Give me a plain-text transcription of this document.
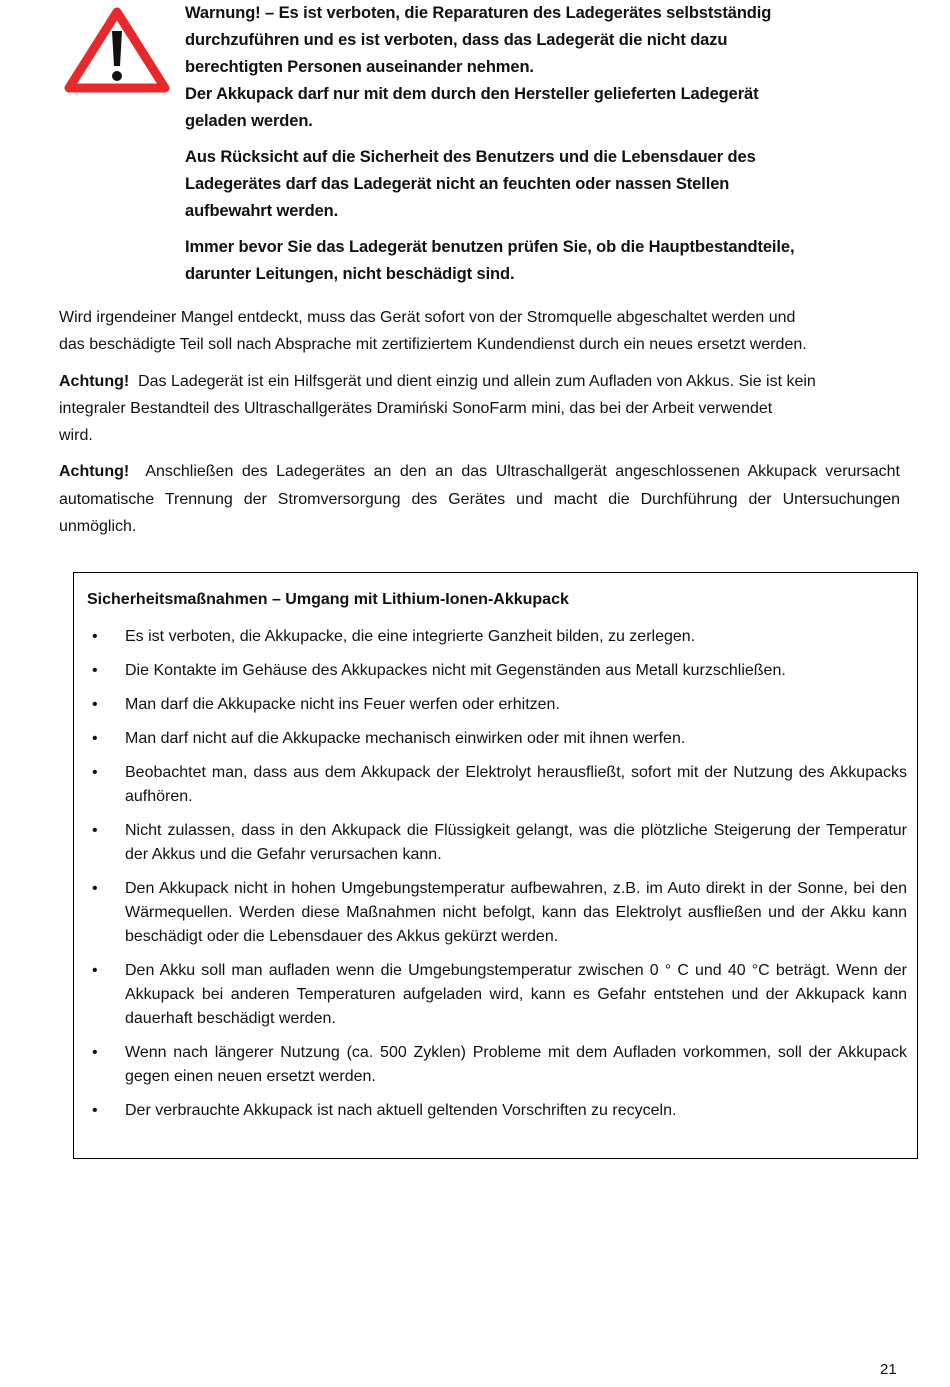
Warnung! – Es ist verboten, die Reparaturen des Ladegerätes selbstständig
durchzuführen und es ist verboten, dass das Ladegerät die nicht dazu
berechtigten Personen auseinander nehmen.
Der Akkupack darf nur mit dem durch den Hersteller gelieferten Ladegerät
geladen werden.

Aus Rücksicht auf die Sicherheit des Benutzers und die Lebensdauer des
Ladegerätes darf das Ladegerät nicht an feuchten oder nassen Stellen
aufbewahrt werden.

Immer bevor Sie das Ladegerät benutzen prüfen Sie, ob die Hauptbestandteile,
darunter Leitungen, nicht beschädigt sind.

Wird irgendeiner Mangel entdeckt, muss das Gerät sofort von der Stromquelle abgeschaltet werden und
das beschädigte Teil soll nach Absprache mit zertifiziertem Kundendienst durch ein neues ersetzt werden.

Achtung! Das Ladegerät ist ein Hilfsgerät und dient einzig und allein zum Aufladen von Akkus. Sie ist kein
integraler Bestandteil des Ultraschallgerätes Dramiński SonoFarm mini, das bei der Arbeit verwendet
wird.

Achtung! Anschließen des Ladegerätes an den an das Ultraschallgerät angeschlossenen Akkupack verursacht automatische Trennung der Stromversorgung des Gerätes und macht die Durchführung der Untersuchungen unmöglich.

Sicherheitsmaßnahmen – Umgang mit Lithium-Ionen-Akkupack
• Es ist verboten, die Akkupacke, die eine integrierte Ganzheit bilden, zu zerlegen.
• Die Kontakte im Gehäuse des Akkupackes nicht mit Gegenständen aus Metall kurzschließen.
• Man darf die Akkupacke nicht ins Feuer werfen oder erhitzen.
• Man darf nicht auf die Akkupacke mechanisch einwirken oder mit ihnen werfen.
• Beobachtet man, dass aus dem Akkupack der Elektrolyt herausfließt, sofort mit der Nutzung des Akkupacks aufhören.
• Nicht zulassen, dass in den Akkupack die Flüssigkeit gelangt, was die plötzliche Steigerung der Temperatur der Akkus und die Gefahr verursachen kann.
• Den Akkupack nicht in hohen Umgebungstemperatur aufbewahren, z.B. im Auto direkt in der Sonne, bei den Wärmequellen. Werden diese Maßnahmen nicht befolgt, kann das Elektrolyt ausfließen und der Akku kann beschädigt oder die Lebensdauer des Akkus gekürzt werden.
• Den Akku soll man aufladen wenn die Umgebungstemperatur zwischen 0 ° C und 40 °C beträgt. Wenn der Akkupack bei anderen Temperaturen aufgeladen wird, kann es Gefahr entstehen und der Akkupack kann dauerhaft beschädigt werden.
• Wenn nach längerer Nutzung (ca. 500 Zyklen) Probleme mit dem Aufladen vorkommen, soll der Akkupack gegen einen neuen ersetzt werden.
• Der verbrauchte Akkupack ist nach aktuell geltenden Vorschriften zu recyceln.
21
